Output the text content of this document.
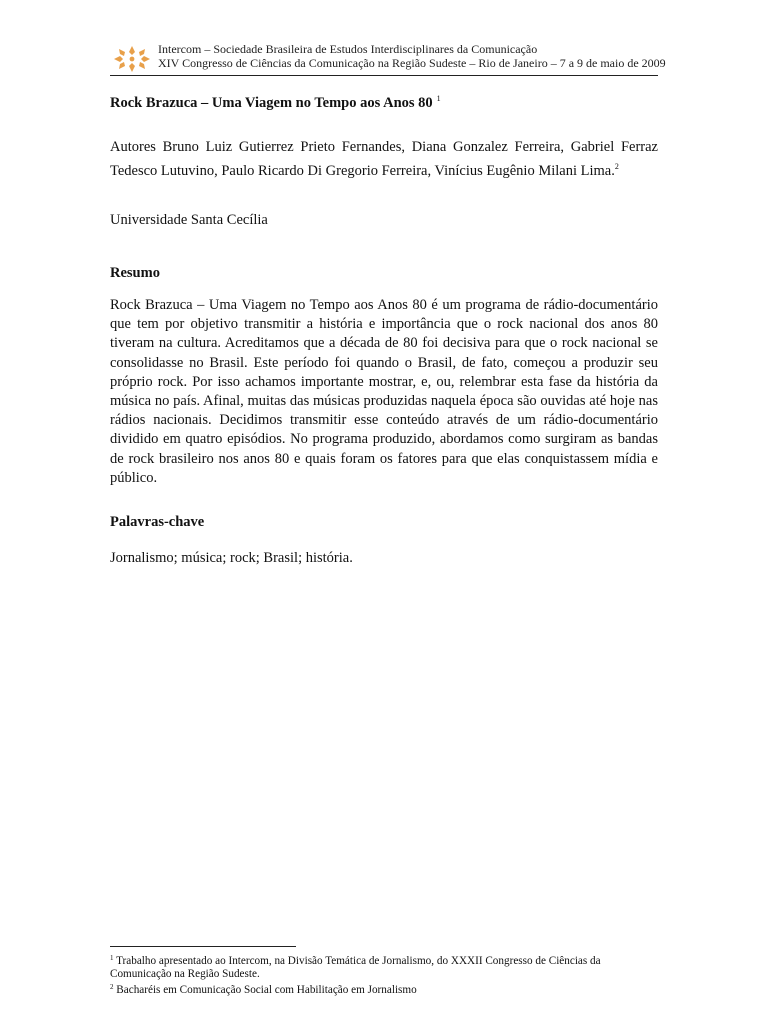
Intercom – Sociedade Brasileira de Estudos Interdisciplinares da Comunicação
XIV Congresso de Ciências da Comunicação na Região Sudeste – Rio de Janeiro – 7 a 9 de maio de 2009
Rock Brazuca – Uma Viagem no Tempo aos Anos 80 $^1$
Autores Bruno Luiz Gutierrez Prieto Fernandes, Diana Gonzalez Ferreira, Gabriel Ferraz Tedesco Lutuvino, Paulo Ricardo Di Gregorio Ferreira, Vinícius Eugênio Milani Lima.$^2$
Universidade Santa Cecília
Resumo
Rock Brazuca – Uma Viagem no Tempo aos Anos 80 é um programa de rádio-documentário que tem por objetivo transmitir a história e importância que o rock nacional dos anos 80 tiveram na cultura. Acreditamos que a década de 80 foi decisiva para que o rock nacional se consolidasse no Brasil. Este período foi quando o Brasil, de fato, começou a produzir seu próprio rock. Por isso achamos importante mostrar, e, ou, relembrar esta fase da história da música no país. Afinal, muitas das músicas produzidas naquela época são ouvidas até hoje nas rádios nacionais. Decidimos transmitir esse conteúdo através de um rádio-documentário dividido em quatro episódios. No programa produzido, abordamos como surgiram as bandas de rock brasileiro nos anos 80 e quais foram os fatores para que elas conquistassem mídia e público.
Palavras-chave
Jornalismo; música; rock; Brasil; história.
$^1$ Trabalho apresentado ao Intercom, na Divisão Temática de Jornalismo, do XXXII Congresso de Ciências da Comunicação na Região Sudeste.
$^2$ Bacharéis em Comunicação Social com Habilitação em Jornalismo
